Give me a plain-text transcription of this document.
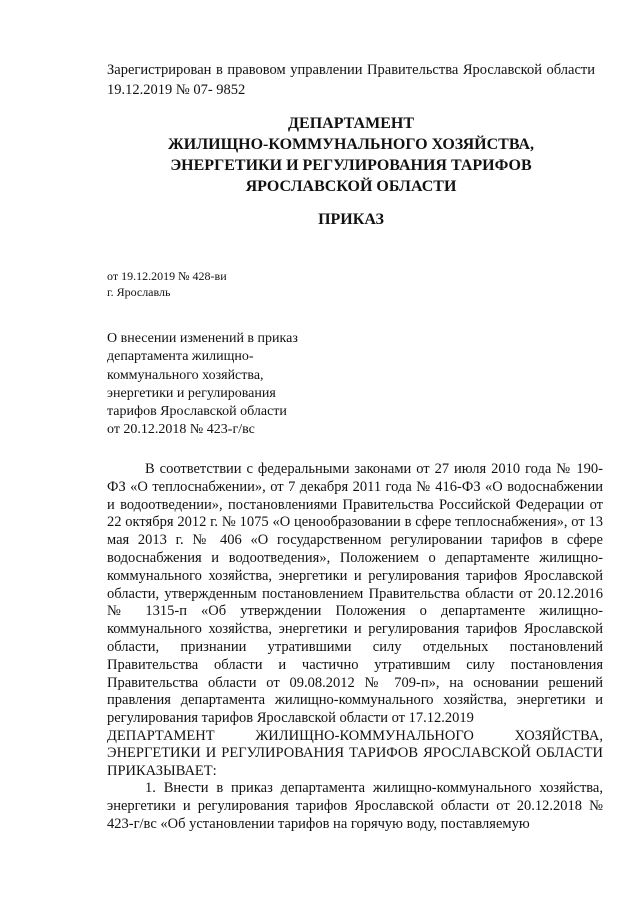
Зарегистрирован в правовом управлении Правительства Ярославской области 19.12.2019 № 07- 9852
ДЕПАРТАМЕНТ
ЖИЛИЩНО-КОММУНАЛЬНОГО ХОЗЯЙСТВА,
ЭНЕРГЕТИКИ И РЕГУЛИРОВАНИЯ ТАРИФОВ
ЯРОСЛАВСКОЙ ОБЛАСТИ
ПРИКАЗ
от 19.12.2019 № 428-ви
г. Ярославль
О внесении изменений в приказ
департамента жилищно-
коммунального хозяйства,
энергетики и регулирования
тарифов Ярославской области
от 20.12.2018 № 423-г/вс

В соответствии с федеральными законами от 27 июля 2010 года № 190-ФЗ «О теплоснабжении», от 7 декабря 2011 года № 416-ФЗ «О водоснабжении и водоотведении», постановлениями Правительства Российской Федерации от 22 октября 2012 г. № 1075 «О ценообразовании в сфере теплоснабжения», от 13 мая 2013 г. № 406 «О государственном регулировании тарифов в сфере водоснабжения и водоотведения», Положением о департаменте жилищно-коммунального хозяйства, энергетики и регулирования тарифов Ярославской области, утвержденным постановлением Правительства области от 20.12.2016 № 1315-п «Об утверждении Положения о департаменте жилищно-коммунального хозяйства, энергетики и регулирования тарифов Ярославской области, признании утратившими силу отдельных постановлений Правительства области и частично утратившим силу постановления Правительства области от 09.08.2012 № 709-п», на основании решений правления департамента жилищно-коммунального хозяйства, энергетики и регулирования тарифов Ярославской области от 17.12.2019

ДЕПАРТАМЕНТ ЖИЛИЩНО-КОММУНАЛЬНОГО ХОЗЯЙСТВА, ЭНЕРГЕТИКИ И РЕГУЛИРОВАНИЯ ТАРИФОВ ЯРОСЛАВСКОЙ ОБЛАСТИ ПРИКАЗЫВАЕТ:

1. Внести в приказ департамента жилищно-коммунального хозяйства, энергетики и регулирования тарифов Ярославской области от 20.12.2018 № 423-г/вс «Об установлении тарифов на горячую воду, поставляемую
